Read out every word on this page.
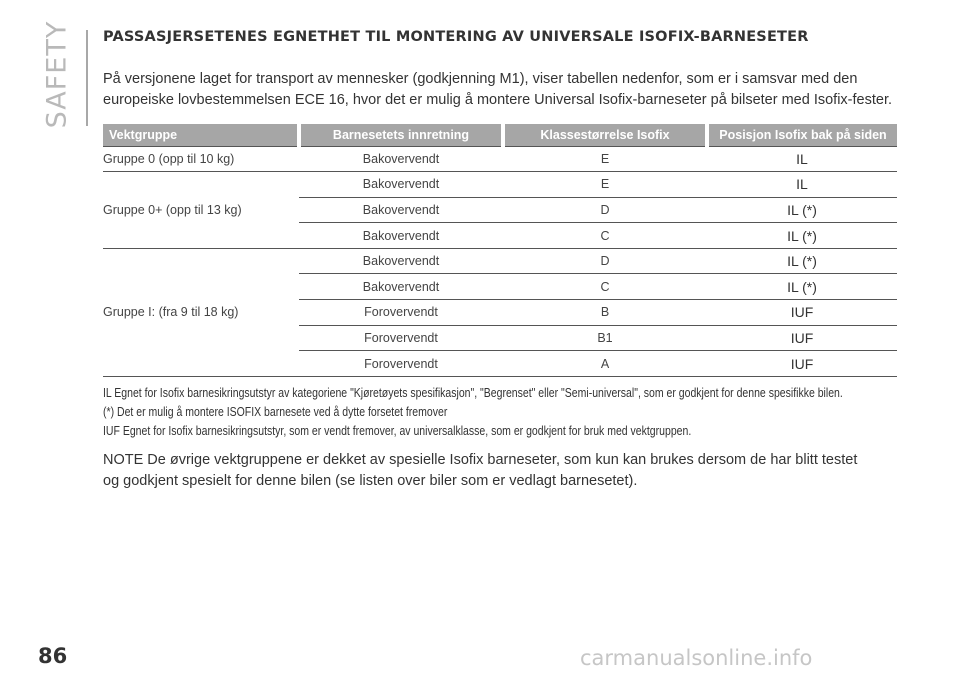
SAFETY PASSASJERSETENES EGNETHET TIL MONTERING AV UNIVERSALE ISOFIX-BARNESETER

På versjonene laget for transport av mennesker (godkjenning M1), viser tabellen nedenfor, som er i samsvar med den europeiske lovbestemmelsen ECE 16, hvor det er mulig å montere Universal Isofix-barneseter på bilseter med Isofix-fester.

Vektgruppe	Barnesetets innretning	Klassestørrelse Isofix	Posisjon Isofix bak på siden
Gruppe 0 (opp til 10 kg)	Bakovervendt	E	IL
Gruppe 0+ (opp til 13 kg)	Bakovervendt	E	IL
	Bakovervendt	D	IL (*)
	Bakovervendt	C	IL (*)
Gruppe I: (fra 9 til 18 kg)	Bakovervendt	D	IL (*)
	Bakovervendt	C	IL (*)
	Forovervendt	B	IUF
	Forovervendt	B1	IUF
	Forovervendt	A	IUF

IL Egnet for Isofix barnesikringsutstyr av kategoriene "Kjøretøyets spesifikasjon", "Begrenset" eller "Semi-universal", som er godkjent for denne spesifikke bilen.

(*) Det er mulig å montere ISOFIX barnesete ved å dytte forsetet fremover

IUF Egnet for Isofix barnesikringsutstyr, som er vendt fremover, av universalklasse, som er godkjent for bruk med vektgruppen.

NOTE De øvrige vektgruppene er dekket av spesielle Isofix barneseter, som kun kan brukes dersom de har blitt testet og godkjent spesielt for denne bilen (se listen over biler som er vedlagt barnesetet).

86	carmanualsonline.info
